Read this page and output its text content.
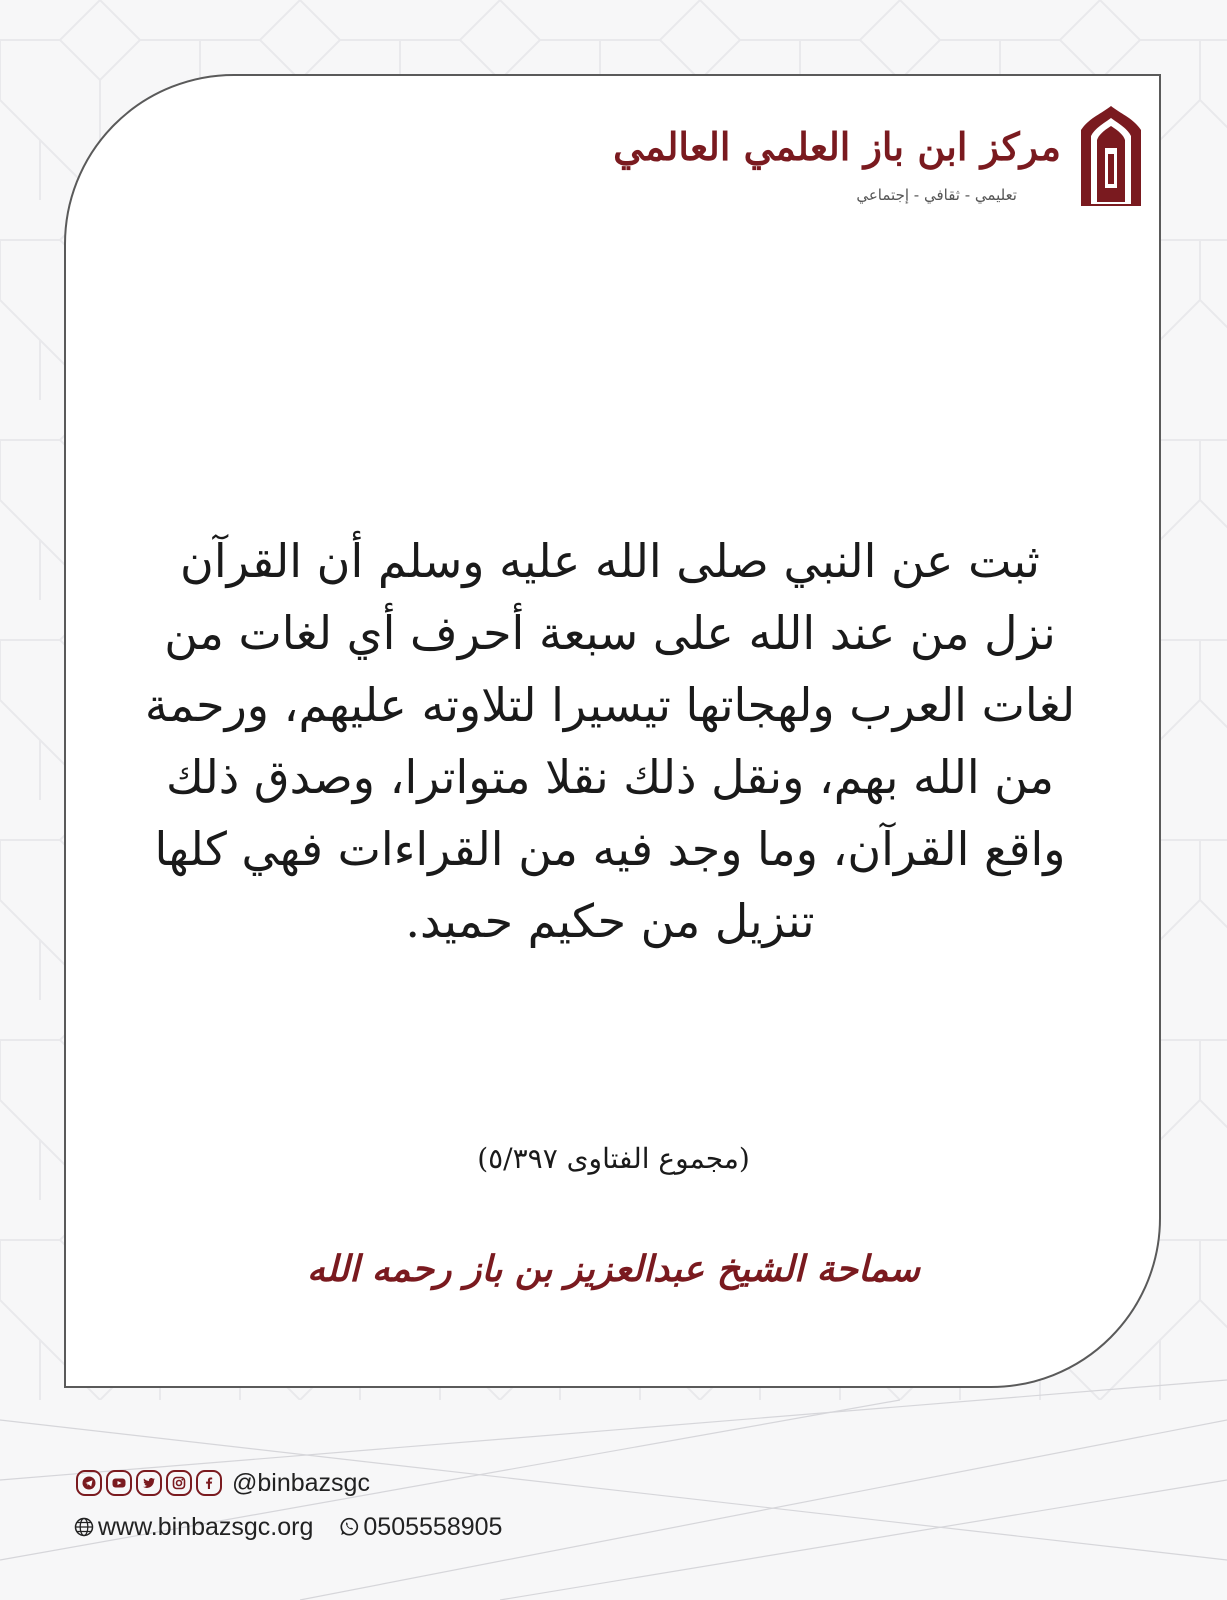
مركز ابن باز العلمي العالمي
تعليمي - ثقافي - إجتماعي
ثبت عن النبي صلى الله عليه وسلم أن القرآن نزل من عند الله على سبعة أحرف أي لغات من لغات العرب ولهجاتها تيسيرا لتلاوته عليهم، ورحمة من الله بهم، ونقل ذلك نقلا متواترا، وصدق ذلك واقع القرآن، وما وجد فيه من القراءات فهي كلها تنزيل من حكيم حميد.
(مجموع الفتاوى ٥/٣٩٧)
سماحة الشيخ عبدالعزيز بن باز رحمه الله
@binbazsgc
www.binbazsgc.org 0505558905
